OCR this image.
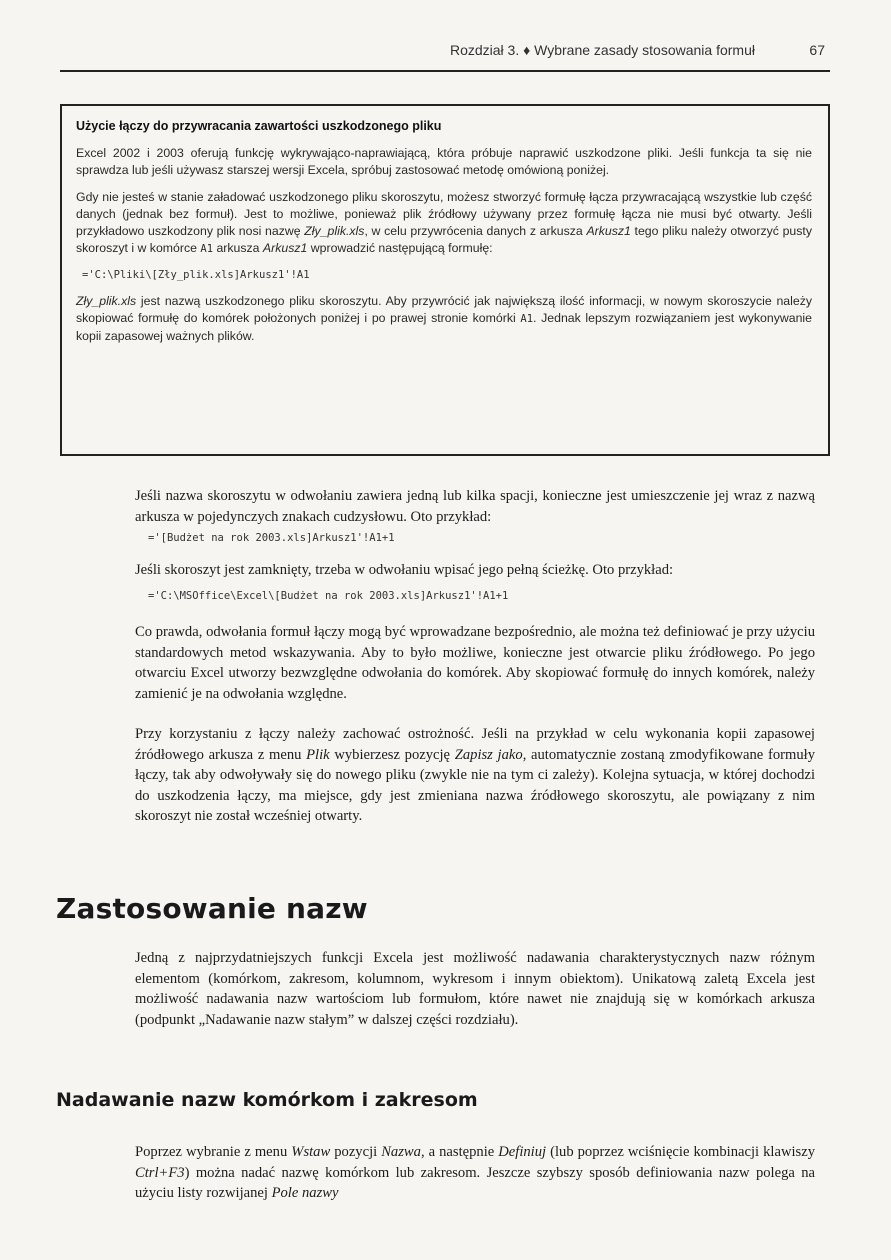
Rozdział 3. ♦ Wybrane zasady stosowania formuł	67
Użycie łączy do przywracania zawartości uszkodzonego pliku

Excel 2002 i 2003 oferują funkcję wykrywająco-naprawiającą, która próbuje naprawić uszkodzone pliki. Jeśli funkcja ta się nie sprawdza lub jeśli używasz starszej wersji Excela, spróbuj zastosować metodę omówioną poniżej.

Gdy nie jesteś w stanie załadować uszkodzonego pliku skoroszytu, możesz stworzyć formułę łącza przywracającą wszystkie lub część danych (jednak bez formuł). Jest to możliwe, ponieważ plik źródłowy używany przez formułę łącza nie musi być otwarty. Jeśli przykładowo uszkodzony plik nosi nazwę Zły_plik.xls, w celu przywrócenia danych z arkusza Arkusz1 tego pliku należy otworzyć pusty skoroszyt i w komórce A1 arkusza Arkusz1 wprowadzić następującą formułę:

='C:\Pliki\[Zły_plik.xls]Arkusz1'!A1

Zły_plik.xls jest nazwą uszkodzonego pliku skoroszytu. Aby przywrócić jak największą ilość informacji, w nowym skoroszycie należy skopiować formułę do komórek położonych poniżej i po prawej stronie komórki A1. Jednak lepszym rozwiązaniem jest wykonywanie kopii zapasowej ważnych plików.

Jeśli nazwa skoroszytu w odwołaniu zawiera jedną lub kilka spacji, konieczne jest umieszczenie jej wraz z nazwą arkusza w pojedynczych znakach cudzysłowu. Oto przykład:

='[Budżet na rok 2003.xls]Arkusz1'!A1+1

Jeśli skoroszyt jest zamknięty, trzeba w odwołaniu wpisać jego pełną ścieżkę. Oto przykład:

='C:\MSOffice\Excel\[Budżet na rok 2003.xls]Arkusz1'!A1+1

Co prawda, odwołania formuł łączy mogą być wprowadzane bezpośrednio, ale można też definiować je przy użyciu standardowych metod wskazywania. Aby to było możliwe, konieczne jest otwarcie pliku źródłowego. Po jego otwarciu Excel utworzy bezwzględne odwołania do komórek. Aby skopiować formułę do innych komórek, należy zamienić je na odwołania względne.

Przy korzystaniu z łączy należy zachować ostrożność. Jeśli na przykład w celu wykonania kopii zapasowej źródłowego arkusza z menu Plik wybierzesz pozycję Zapisz jako, automatycznie zostaną zmodyfikowane formuły łączy, tak aby odwoływały się do nowego pliku (zwykle nie na tym ci zależy). Kolejna sytuacja, w której dochodzi do uszkodzenia łączy, ma miejsce, gdy jest zmieniana nazwa źródłowego skoroszytu, ale powiązany z nim skoroszyt nie został wcześniej otwarty.

Zastosowanie nazw

Jedną z najprzydatniejszych funkcji Excela jest możliwość nadawania charakterystycznych nazw różnym elementom (komórkom, zakresom, kolumnom, wykresom i innym obiektom). Unikatową zaletą Excela jest możliwość nadawania nazw wartościom lub formułom, które nawet nie znajdują się w komórkach arkusza (podpunkt „Nadawanie nazw stałym” w dalszej części rozdziału).

Nadawanie nazw komórkom i zakresom

Poprzez wybranie z menu Wstaw pozycji Nazwa, a następnie Definiuj (lub poprzez wciśnięcie kombinacji klawiszy Ctrl+F3) można nadać nazwę komórkom lub zakresom. Jeszcze szybszy sposób definiowania nazw polega na użyciu listy rozwijanej Pole nazwy
